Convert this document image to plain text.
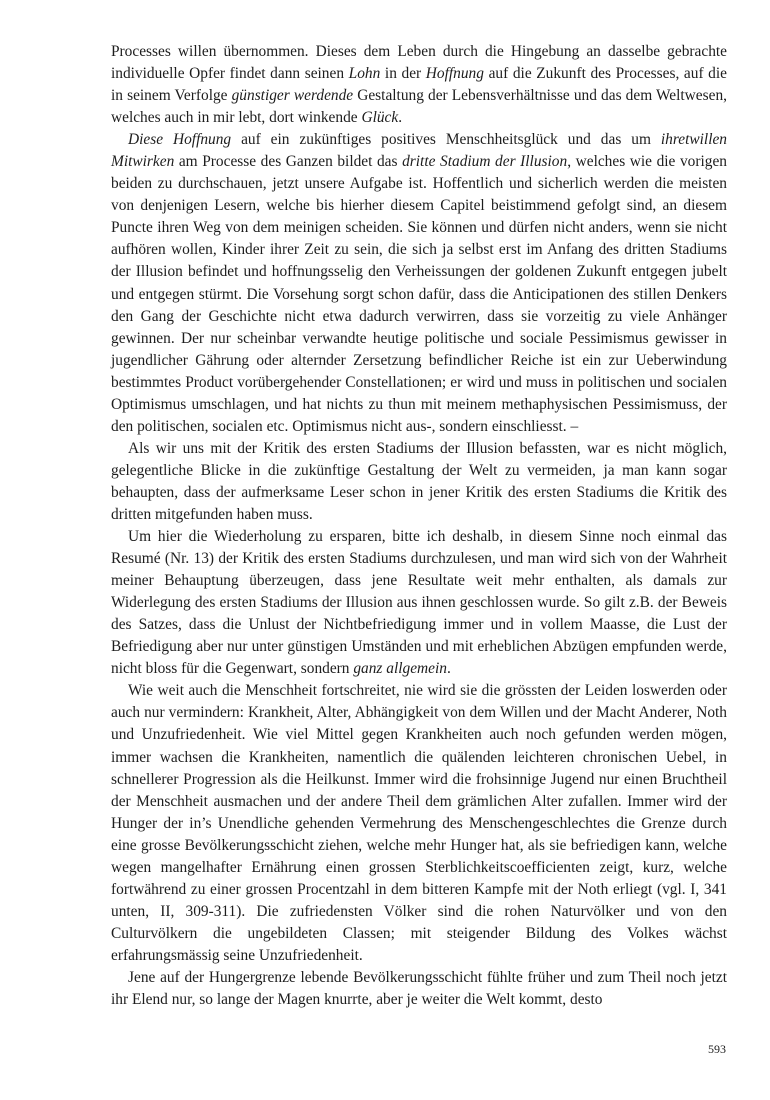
Processes willen übernommen. Dieses dem Leben durch die Hingebung an dasselbe gebrachte individuelle Opfer findet dann seinen Lohn in der Hoffnung auf die Zukunft des Processes, auf die in seinem Verfolge günstiger werdende Gestaltung der Lebensverhältnisse und das dem Weltwesen, welches auch in mir lebt, dort winkende Glück.

Diese Hoffnung auf ein zukünftiges positives Menschheitsglück und das um ihretwillen Mitwirken am Processe des Ganzen bildet das dritte Stadium der Illusion, welches wie die vorigen beiden zu durchschauen, jetzt unsere Aufgabe ist. Hoffentlich und sicherlich werden die meisten von denjenigen Lesern, welche bis hierher diesem Capitel beistimmend gefolgt sind, an diesem Puncte ihren Weg von dem meinigen scheiden. Sie können und dürfen nicht anders, wenn sie nicht aufhören wollen, Kinder ihrer Zeit zu sein, die sich ja selbst erst im Anfang des dritten Stadiums der Illusion befindet und hoffnungsselig den Verheissungen der goldenen Zukunft entgegen jubelt und entgegen stürmt. Die Vorsehung sorgt schon dafür, dass die Anticipationen des stillen Denkers den Gang der Geschichte nicht etwa dadurch verwirren, dass sie vorzeitig zu viele Anhänger gewinnen. Der nur scheinbar verwandte heutige politische und sociale Pessimismus gewisser in jugendlicher Gährung oder alternder Zersetzung befindlicher Reiche ist ein zur Ueberwindung bestimmtes Product vorübergehender Constellationen; er wird und muss in politischen und socialen Optimismus umschlagen, und hat nichts zu thun mit meinem methaphysischen Pessimismuss, der den politischen, socialen etc. Optimismus nicht aus-, sondern einschliesst. –

Als wir uns mit der Kritik des ersten Stadiums der Illusion befassten, war es nicht möglich, gelegentliche Blicke in die zukünftige Gestaltung der Welt zu vermeiden, ja man kann sogar behaupten, dass der aufmerksame Leser schon in jener Kritik des ersten Stadiums die Kritik des dritten mitgefunden haben muss.

Um hier die Wiederholung zu ersparen, bitte ich deshalb, in diesem Sinne noch einmal das Resumé (Nr. 13) der Kritik des ersten Stadiums durchzulesen, und man wird sich von der Wahrheit meiner Behauptung überzeugen, dass jene Resultate weit mehr enthalten, als damals zur Widerlegung des ersten Stadiums der Illusion aus ihnen geschlossen wurde. So gilt z.B. der Beweis des Satzes, dass die Unlust der Nichtbefriedigung immer und in vollem Maasse, die Lust der Befriedigung aber nur unter günstigen Umständen und mit erheblichen Abzügen empfunden werde, nicht bloss für die Gegenwart, sondern ganz allgemein.

Wie weit auch die Menschheit fortschreitet, nie wird sie die grössten der Leiden loswerden oder auch nur vermindern: Krankheit, Alter, Abhängigkeit von dem Willen und der Macht Anderer, Noth und Unzufriedenheit. Wie viel Mittel gegen Krankheiten auch noch gefunden werden mögen, immer wachsen die Krankheiten, namentlich die quälenden leichteren chronischen Uebel, in schnellerer Progression als die Heilkunst. Immer wird die frohsinnige Jugend nur einen Bruchtheil der Menschheit ausmachen und der andere Theil dem grämlichen Alter zufallen. Immer wird der Hunger der in’s Unendliche gehenden Vermehrung des Menschengeschlechtes die Grenze durch eine grosse Bevölkerungsschicht ziehen, welche mehr Hunger hat, als sie befriedigen kann, welche wegen mangelhafter Ernährung einen grossen Sterblichkeitscoefficienten zeigt, kurz, welche fortwährend zu einer grossen Procentzahl in dem bitteren Kampfe mit der Noth erliegt (vgl. I, 341 unten, II, 309-311). Die zufriedensten Völker sind die rohen Naturvölker und von den Culturvölkern die ungebildeten Classen; mit steigender Bildung des Volkes wächst erfahrungsmässig seine Unzufriedenheit.

Jene auf der Hungergrenze lebende Bevölkerungsschicht fühlte früher und zum Theil noch jetzt ihr Elend nur, so lange der Magen knurrte, aber je weiter die Welt kommt, desto

593
